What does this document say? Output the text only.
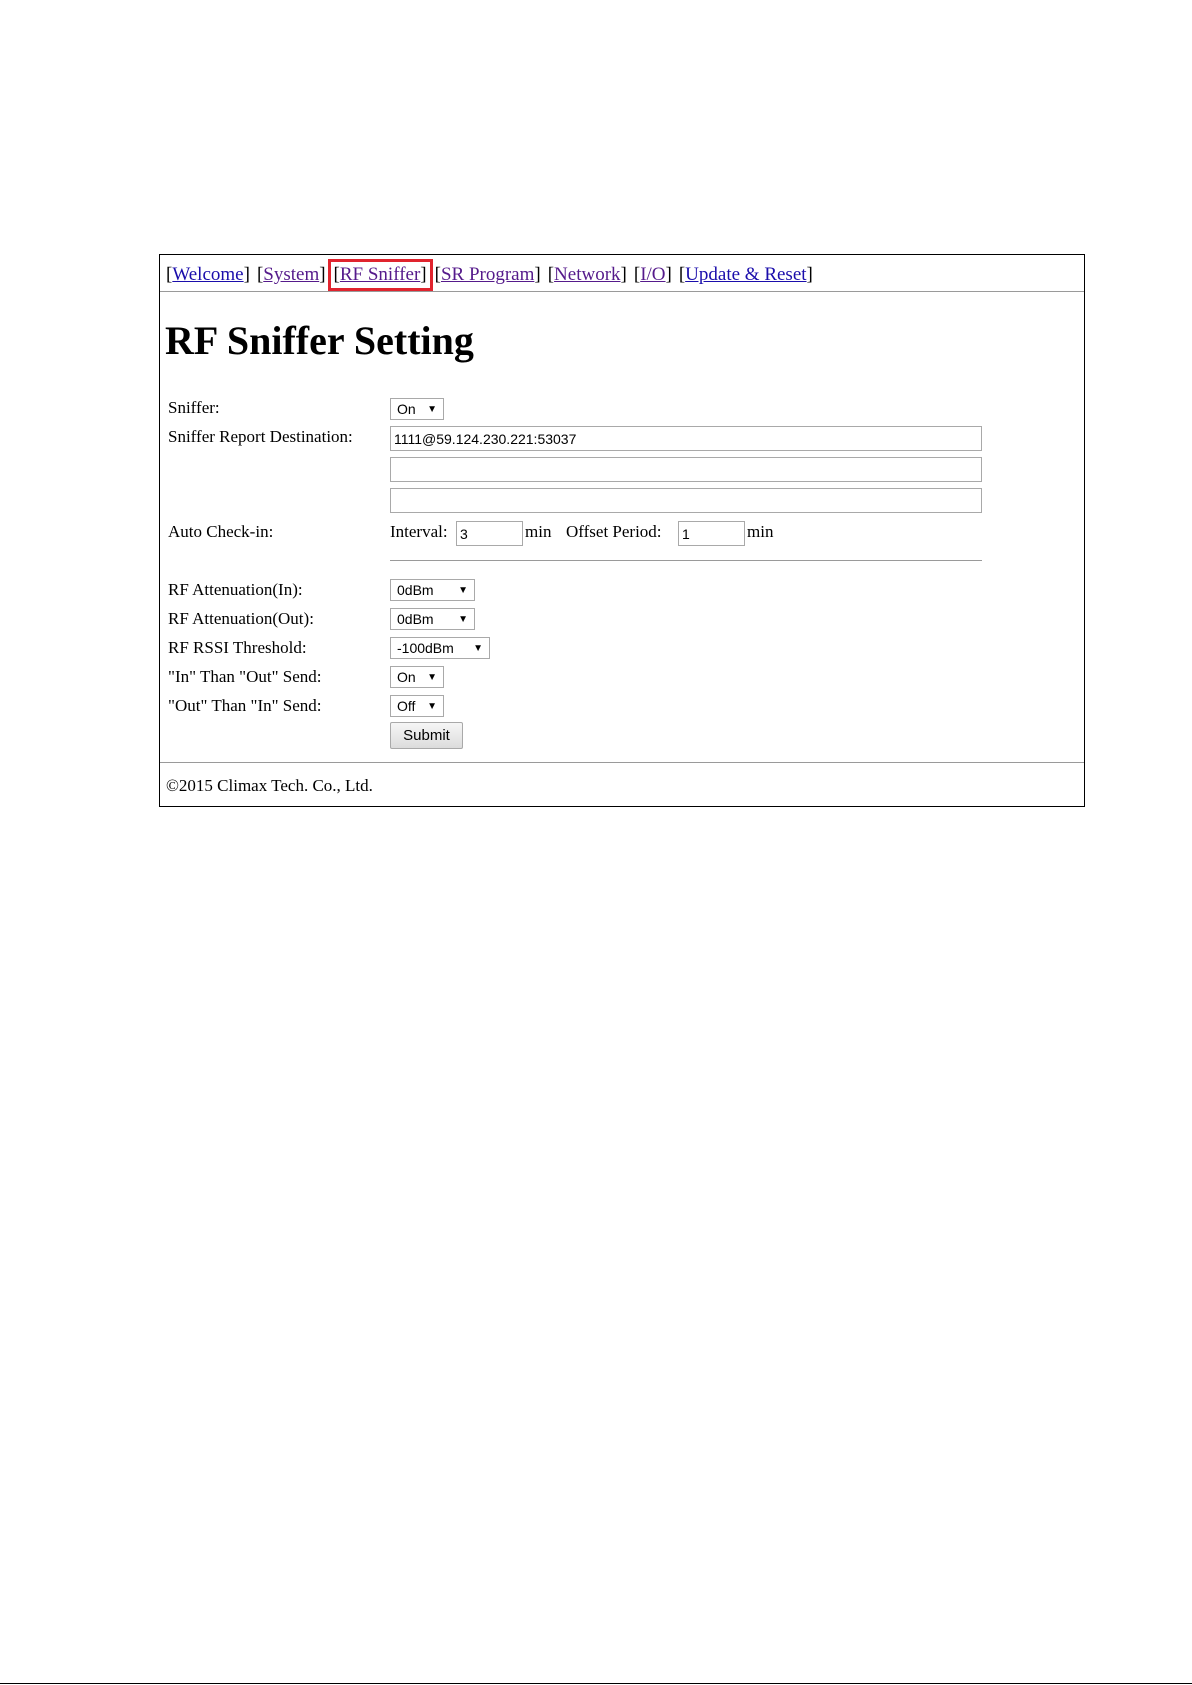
[Welcome] [System] [RF Sniffer] [SR Program] [Network] [I/O] [Update & Reset]
RF Sniffer Setting
Sniffer:	On	▼
Sniffer Report Destination:	1111@59.124.230.221:53037
Auto Check-in:	Interval: 3	min Offset Period: 1	min
RF Attenuation(In):	0dBm	▼
RF Attenuation(Out):	0dBm	▼
RF RSSI Threshold:	-100dBm	▼
"In" Than "Out" Send:	On	▼
"Out" Than "In" Send:	Off	▼
Submit
©2015 Climax Tech. Co., Ltd.
